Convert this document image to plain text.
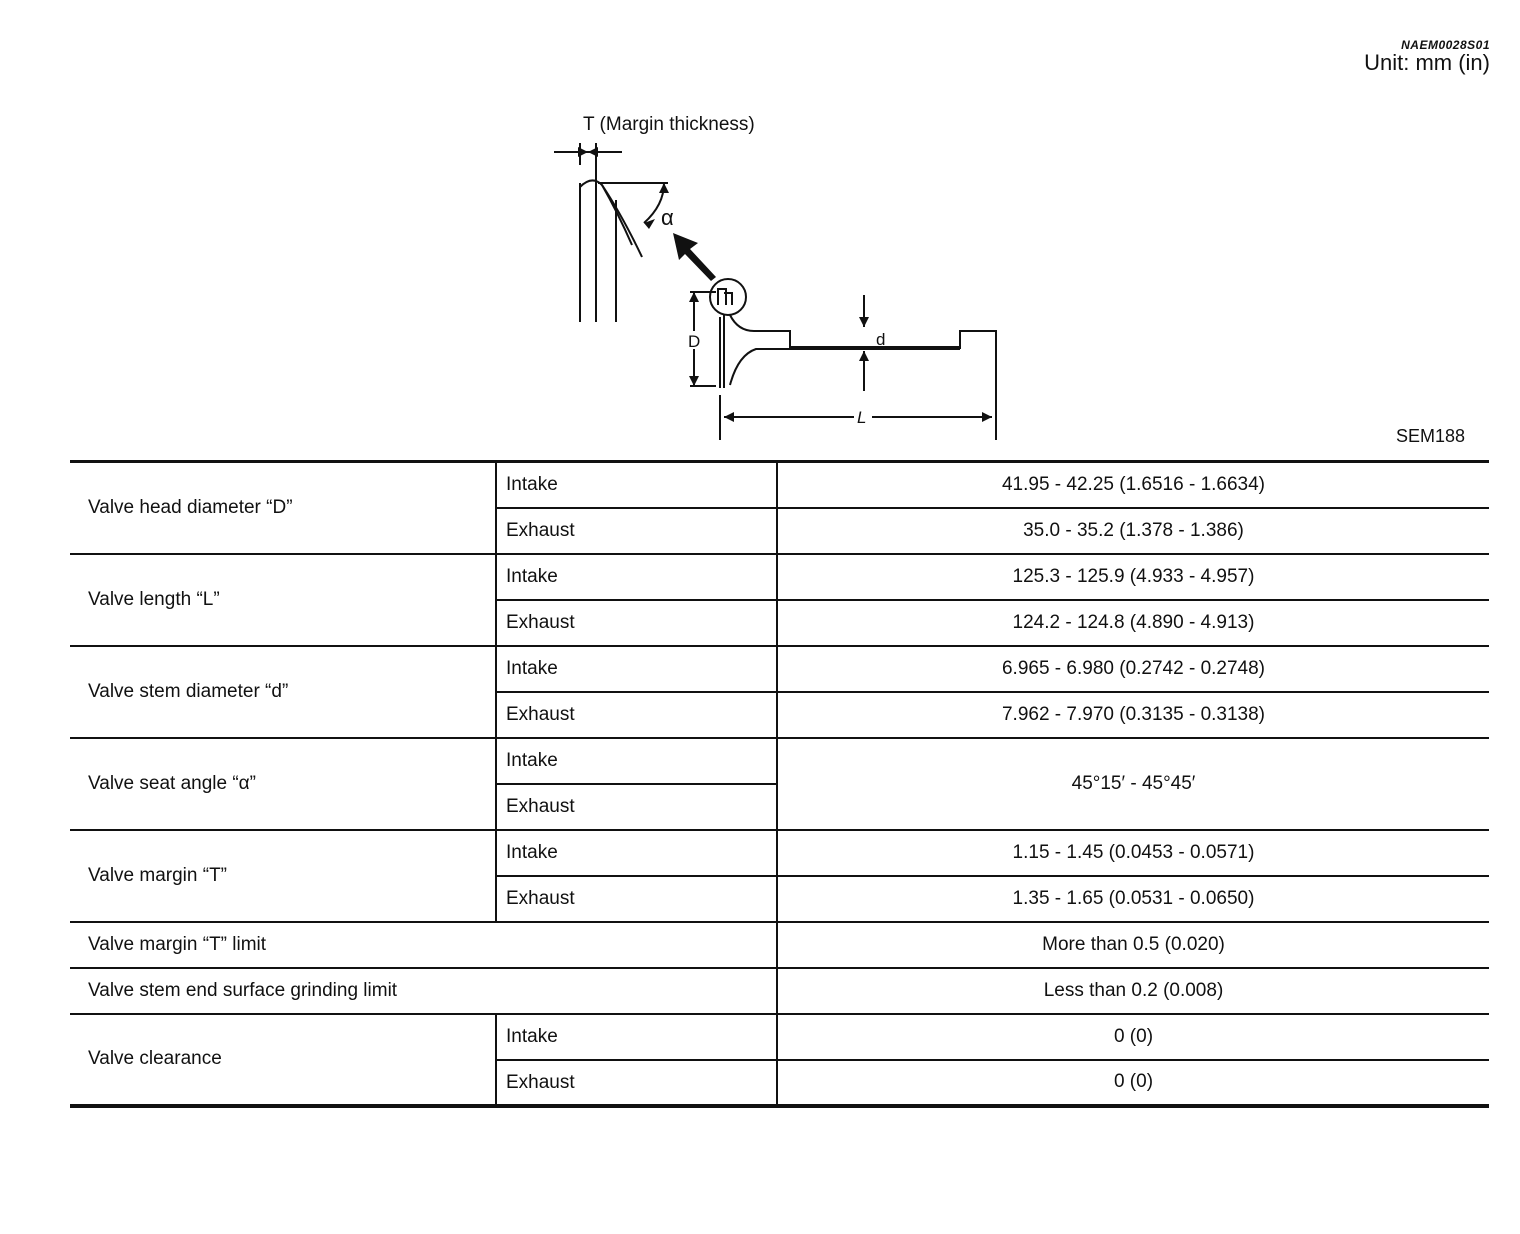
NAEM0028S01
Unit: mm (in)
T (Margin thickness)
α
D	d
L
SEM188
Valve head diameter “D”	Intake	41.95 - 42.25 (1.6516 - 1.6634)
	Exhaust	35.0 - 35.2 (1.378 - 1.386)
Valve length “L”	Intake	125.3 - 125.9 (4.933 - 4.957)
	Exhaust	124.2 - 124.8 (4.890 - 4.913)
Valve stem diameter “d”	Intake	6.965 - 6.980 (0.2742 - 0.2748)
	Exhaust	7.962 - 7.970 (0.3135 - 0.3138)
Valve seat angle “α”	Intake	45°15′ - 45°45′
	Exhaust	
Valve margin “T”	Intake	1.15 - 1.45 (0.0453 - 0.0571)
	Exhaust	1.35 - 1.65 (0.0531 - 0.0650)
Valve margin “T” limit		More than 0.5 (0.020)
Valve stem end surface grinding limit		Less than 0.2 (0.008)
Valve clearance	Intake	0 (0)
	Exhaust	0 (0)
